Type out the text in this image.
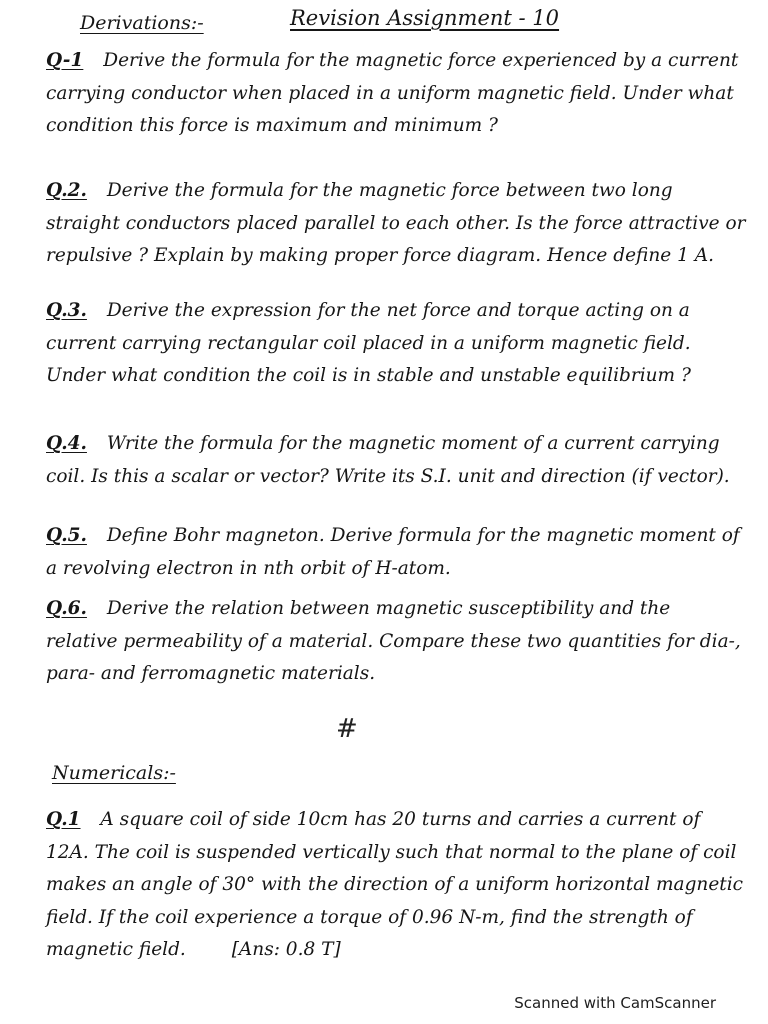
Derivations:-	Revision Assignment - 10
Q-1 Derive the formula for the magnetic force experienced by a current carrying conductor when placed in a uniform magnetic field. Under what condition this force is maximum and minimum ?
Q.2. Derive the formula for the magnetic force between two long straight conductors placed parallel to each other. Is the force attractive or repulsive ? Explain by making proper force diagram. Hence define 1 A.
Q.3. Derive the expression for the net force and torque acting on a current carrying rectangular coil placed in a uniform magnetic field. Under what condition the coil is in stable and unstable equilibrium ?
Q.4. Write the formula for the magnetic moment of a current carrying coil. Is this a scalar or vector? Write its S.I. unit and direction (if vector).
Q.5. Define Bohr magneton. Derive formula for the magnetic moment of a revolving electron in nth orbit of H-atom.
Q.6. Derive the relation between magnetic susceptibility and the relative permeability of a material. Compare these two quantities for dia-, para- and ferromagnetic materials.
#
Numericals:-
Q.1 A square coil of side 10cm has 20 turns and carries a current of 12A. The coil is suspended vertically such that normal to the plane of coil makes an angle of 30° with the direction of a uniform horizontal magnetic field. If the coil experience a torque of 0.96 N-m, find the strength of magnetic field. [Ans: 0.8 T]
Scanned with CamScanner
